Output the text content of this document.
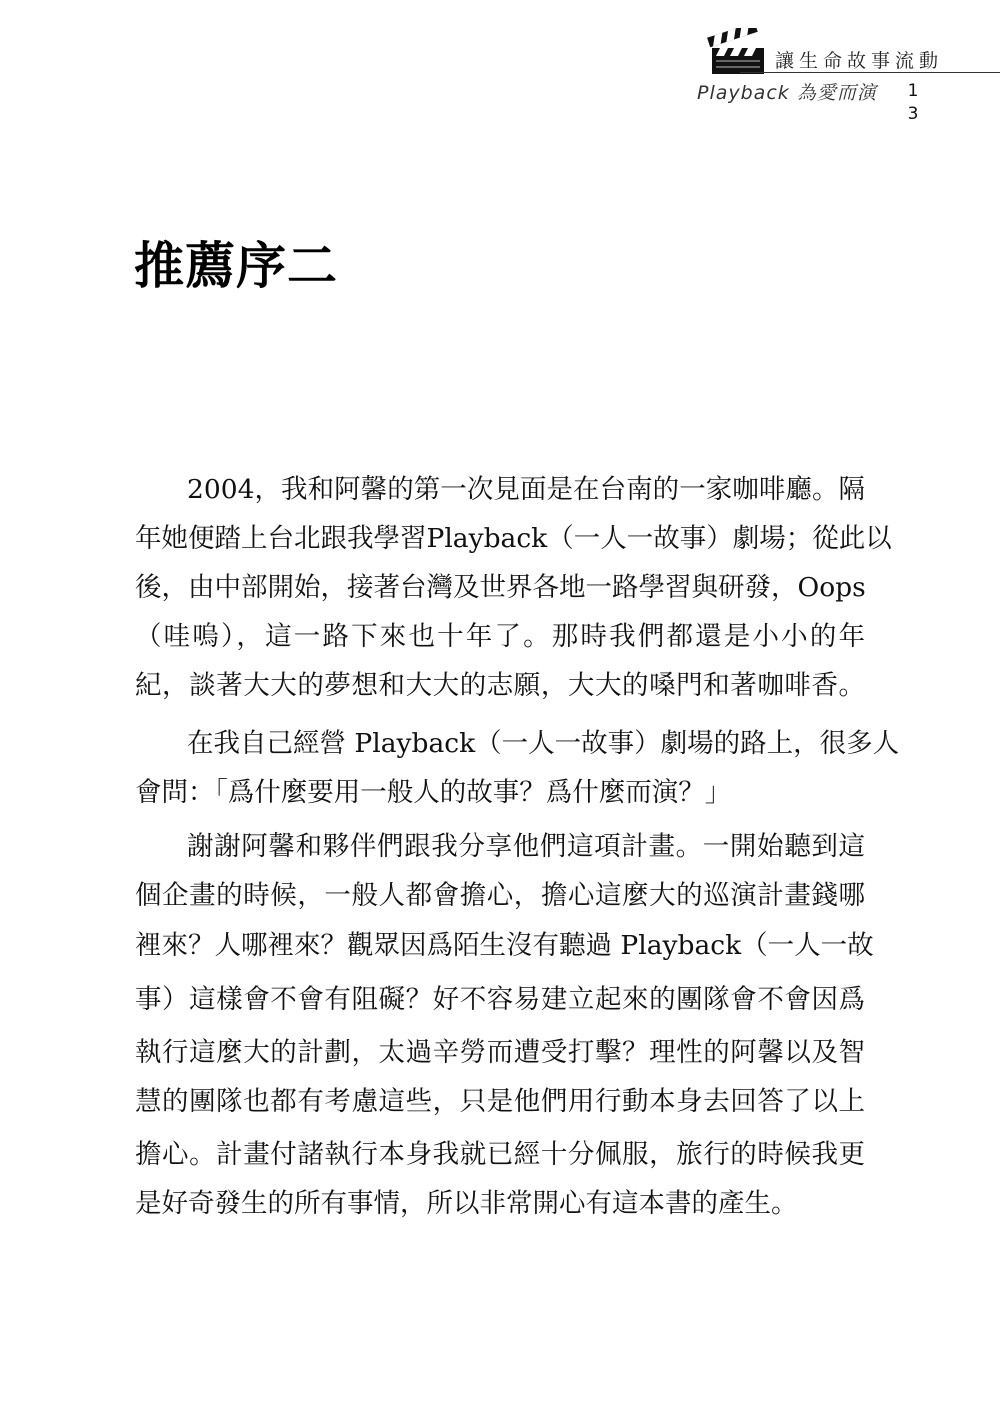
讓生命故事流動
Playback 為愛而演 1
3
推薦序二
2004，我和阿馨的第一次見面是在台南的一家咖啡廳。隔
年她便踏上台北跟我學習Playback（一人一故事）劇場；從此以
後，由中部開始，接著台灣及世界各地一路學習與研發，Oops
（哇嗚），這一路下來也十年了。那時我們都還是小小的年
紀，談著大大的夢想和大大的志願，大大的嗓門和著咖啡香。
在我自己經營 Playback（一人一故事）劇場的路上，很多人
會問：「爲什麼要用一般人的故事？爲什麼而演？」
謝謝阿馨和夥伴們跟我分享他們這項計畫。一開始聽到這
個企畫的時候，一般人都會擔心，擔心這麼大的巡演計畫錢哪
裡來？人哪裡來？觀眾因爲陌生沒有聽過 Playback（一人一故
事）這樣會不會有阻礙？好不容易建立起來的團隊會不會因爲
執行這麼大的計劃，太過辛勞而遭受打擊？理性的阿馨以及智
慧的團隊也都有考慮這些，只是他們用行動本身去回答了以上
擔心。計畫付諸執行本身我就已經十分佩服，旅行的時候我更
是好奇發生的所有事情，所以非常開心有這本書的產生。
